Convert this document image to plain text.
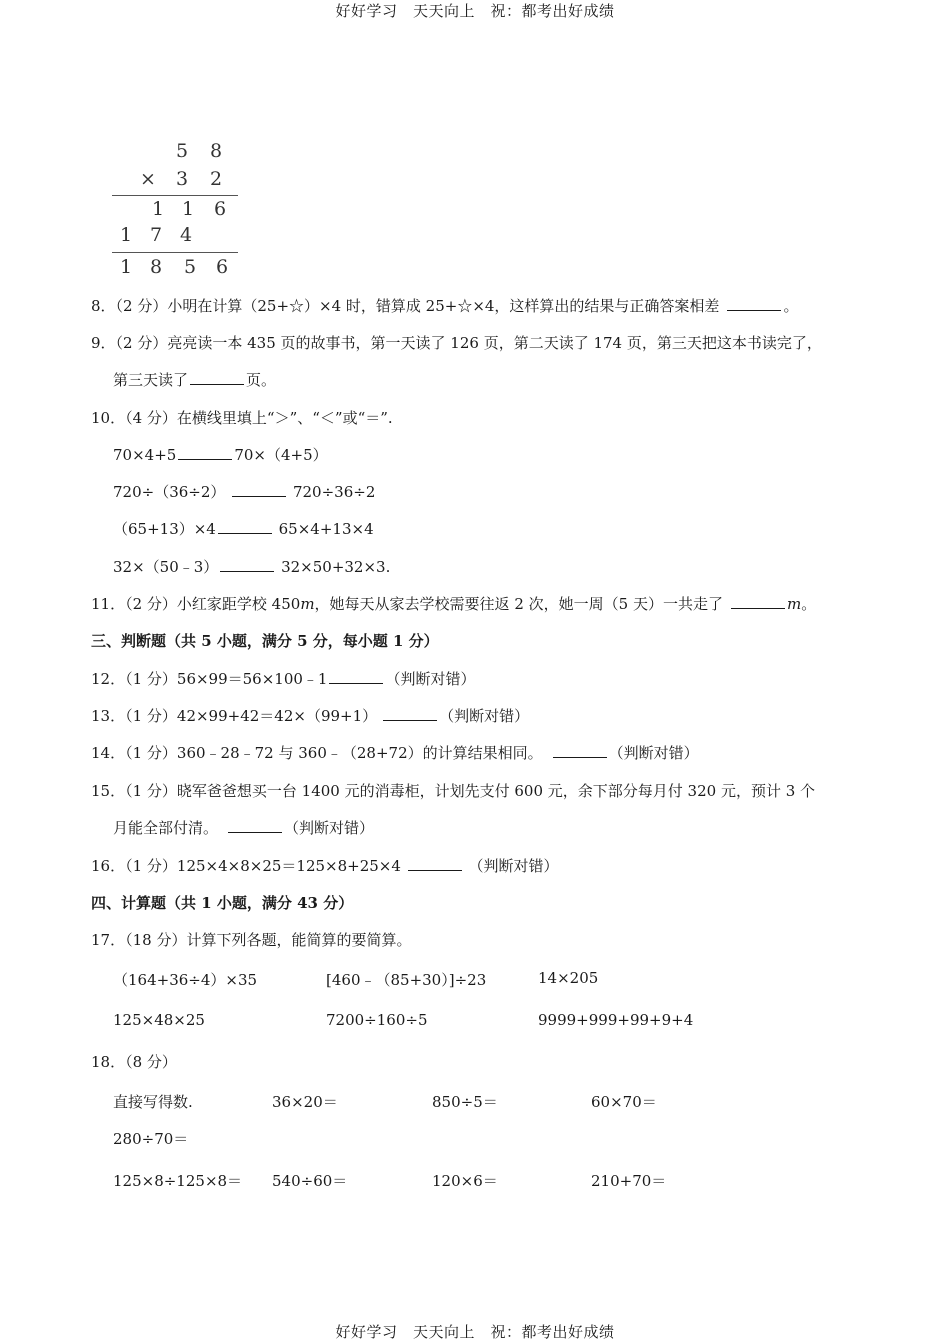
好好学习　天天向上　祝：都考出好成绩
5 8
× 3 2
1 1 6
1 7 4
1 8 5 6
8．（2 分）小明在计算（25+☆）×4 时，错算成 25+☆×4，这样算出的结果与正确答案相差	。
9．（2 分）亮亮读一本 435 页的故事书，第一天读了 126 页，第二天读了 174 页，第三天把这本书读完了，
第三天读了	页。
10．（4 分）在横线里填上“＞”、“＜”或“＝”.
70×4+5	70×（4+5）
720÷（36÷2）	720÷36÷2
（65+13）×4	65×4+13×4
32×（50﹣3）	32×50+32×3.
11．（2 分）小红家距学校 450m，她每天从家去学校需要往返 2 次，她一周（5 天）一共走了	m。
三、判断题（共 5 小题，满分 5 分，每小题 1 分）
12．（1 分）56×99＝56×100﹣1	（判断对错）
13．（1 分）42×99+42＝42×（99+1）	（判断对错）
14．（1 分）360﹣28﹣72 与 360﹣（28+72）的计算结果相同。	（判断对错）
15．（1 分）晓军爸爸想买一台 1400 元的消毒柜，计划先支付 600 元，余下部分每月付 320 元，预计 3 个
月能全部付清。	（判断对错）
16．（1 分）125×4×8×25＝125×8+25×4	（判断对错）
四、计算题（共 1 小题，满分 43 分）
17．（18 分）计算下列各题，能简算的要简算。
（164+36÷4）×35	[460﹣（85+30）]÷23	14×205
125×48×25	7200÷160÷5	9999+999+99+9+4
18．（8 分）
直接写得数.	36×20＝	850÷5＝	60×70＝
280÷70＝
125×8÷125×8＝ 540÷60＝	120×6＝	210+70＝
好好学习　天天向上　祝：都考出好成绩
